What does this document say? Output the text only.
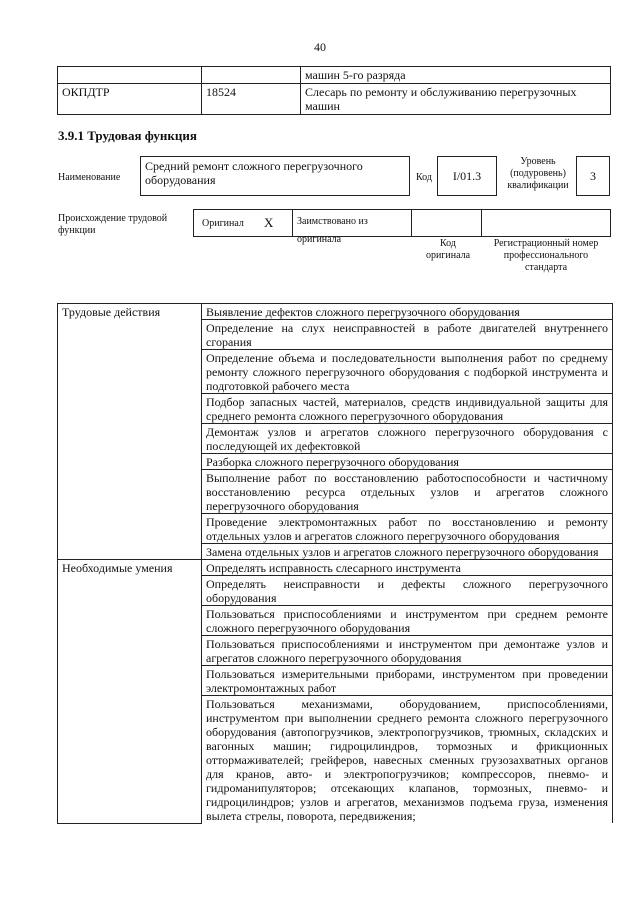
40
		машин 5-го разряда
ОКПДТР	18524	Слесарь по ремонту и обслуживанию перегрузочных машин
3.9.1 Трудовая функция
Наименование
Средний ремонт сложного перегрузочного оборудования	Код	I/01.3
Уровень (подуровень) квалификации
3
Происхождение трудовой функции
Оригинал X	Заимствовано из оригинала	Код оригинала
Регистрационный номер профессионального стандарта
Трудовые действия	Выявление дефектов сложного перегрузочного оборудования
	Определение на слух неисправностей в работе двигателей внутреннего сгорания
	Определение объема и последовательности выполнения работ по среднему ремонту сложного перегрузочного оборудования с подборкой инструмента и подготовкой рабочего места
	Подбор запасных частей, материалов, средств индивидуальной защиты для среднего ремонта сложного перегрузочного оборудования
	Демонтаж узлов и агрегатов сложного перегрузочного оборудования с последующей их дефектовкой
	Разборка сложного перегрузочного оборудования
	Выполнение работ по восстановлению работоспособности и частичному восстановлению ресурса отдельных узлов и агрегатов сложного перегрузочного оборудования
	Проведение электромонтажных работ по восстановлению и ремонту отдельных узлов и агрегатов сложного перегрузочного оборудования
	Замена отдельных узлов и агрегатов сложного перегрузочного оборудования
Необходимые умения	Определять исправность слесарного инструмента
	Определять неисправности и дефекты сложного перегрузочного оборудования
	Пользоваться приспособлениями и инструментом при среднем ремонте сложного перегрузочного оборудования
	Пользоваться приспособлениями и инструментом при демонтаже узлов и агрегатов сложного перегрузочного оборудования
	Пользоваться измерительными приборами, инструментом при проведении электромонтажных работ
	Пользоваться механизмами, оборудованием, приспособлениями, инструментом при выполнении среднего ремонта сложного перегрузочного оборудования (автопогрузчиков, электропогрузчиков, трюмных, складских и вагонных машин; гидроцилиндров, тормозных и фрикционных оттормаживателей; грейферов, навесных сменных грузозахватных органов для кранов, авто- и электропогрузчиков; компрессоров, пневмо- и гидроманипуляторов; отсекающих клапанов, тормозных, пневмо- и гидроцилиндров; узлов и агрегатов, механизмов подъема груза, изменения вылета стрелы, поворота, передвижения;
